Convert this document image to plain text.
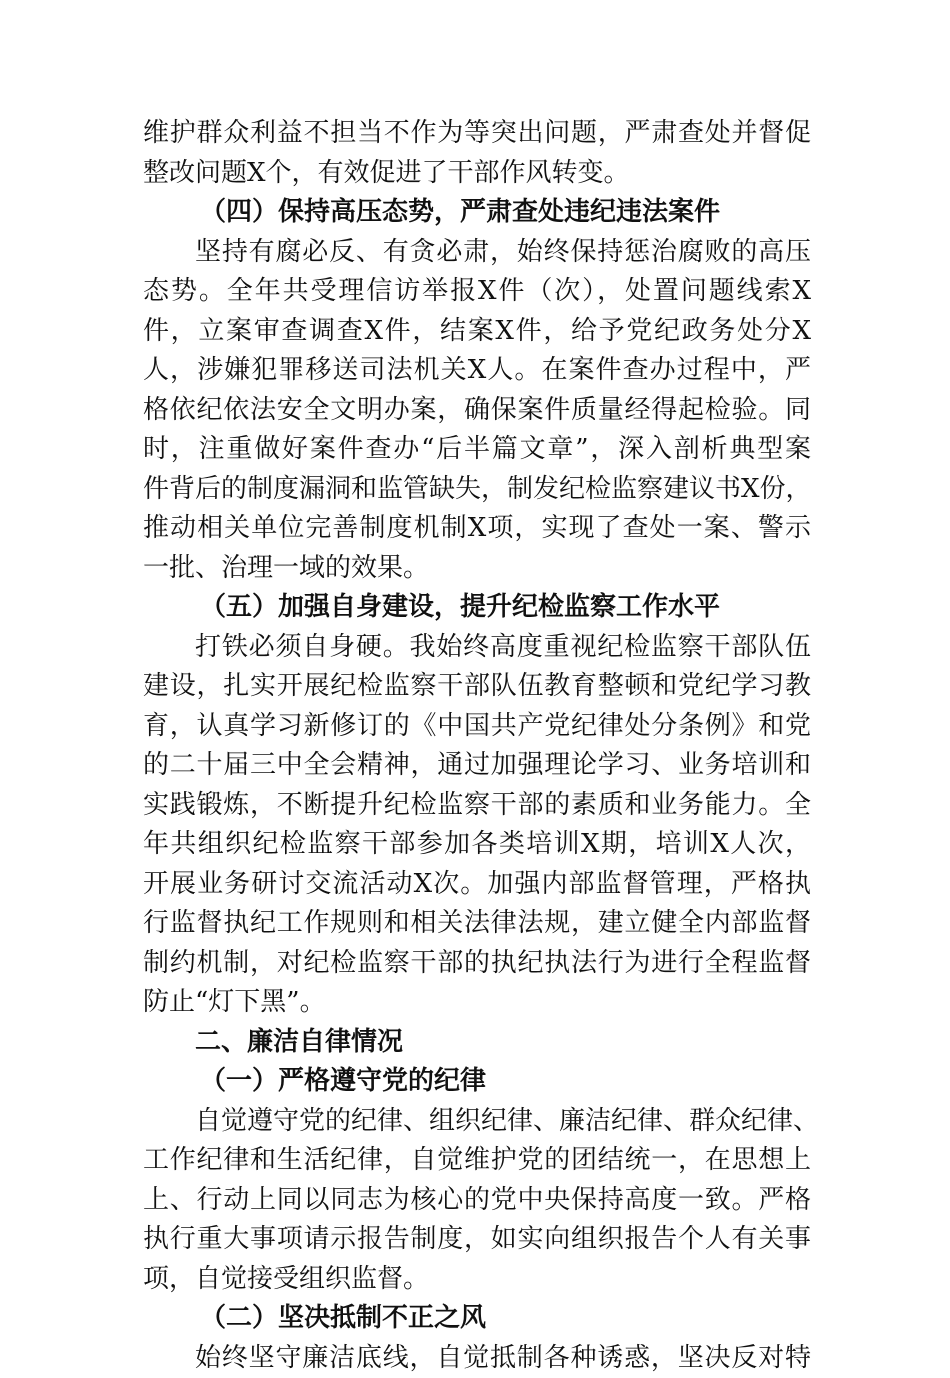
维护群众利益不担当不作为等突出问题，严肃查处并督促
整改问题X个，有效促进了干部作风转变。
（四）保持高压态势，严肃查处违纪违法案件
坚持有腐必反、有贪必肃，始终保持惩治腐败的高压
态势。全年共受理信访举报X件（次），处置问题线索X
件，立案审查调查X件，结案X件，给予党纪政务处分X
人，涉嫌犯罪移送司法机关X人。在案件查办过程中，严
格依纪依法安全文明办案，确保案件质量经得起检验。同
时，注重做好案件查办“后半篇文章”，深入剖析典型案
件背后的制度漏洞和监管缺失，制发纪检监察建议书X份，
推动相关单位完善制度机制X项，实现了查处一案、警示
一批、治理一域的效果。
（五）加强自身建设，提升纪检监察工作水平
打铁必须自身硬。我始终高度重视纪检监察干部队伍
建设，扎实开展纪检监察干部队伍教育整顿和党纪学习教
育，认真学习新修订的《中国共产党纪律处分条例》和党
的二十届三中全会精神，通过加强理论学习、业务培训和
实践锻炼，不断提升纪检监察干部的素质和业务能力。全
年共组织纪检监察干部参加各类培训X期，培训X人次，
开展业务研讨交流活动X次。加强内部监督管理，严格执
行监督执纪工作规则和相关法律法规，建立健全内部监督
制约机制，对纪检监察干部的执纪执法行为进行全程监督
防止“灯下黑”。
二、廉洁自律情况
（一）严格遵守党的纪律
自觉遵守党的纪律、组织纪律、廉洁纪律、群众纪律、
工作纪律和生活纪律，自觉维护党的团结统一，在思想上
上、行动上同以同志为核心的党中央保持高度一致。严格
执行重大事项请示报告制度，如实向组织报告个人有关事
项，自觉接受组织监督。
（二）坚决抵制不正之风
始终坚守廉洁底线，自觉抵制各种诱惑，坚决反对特
